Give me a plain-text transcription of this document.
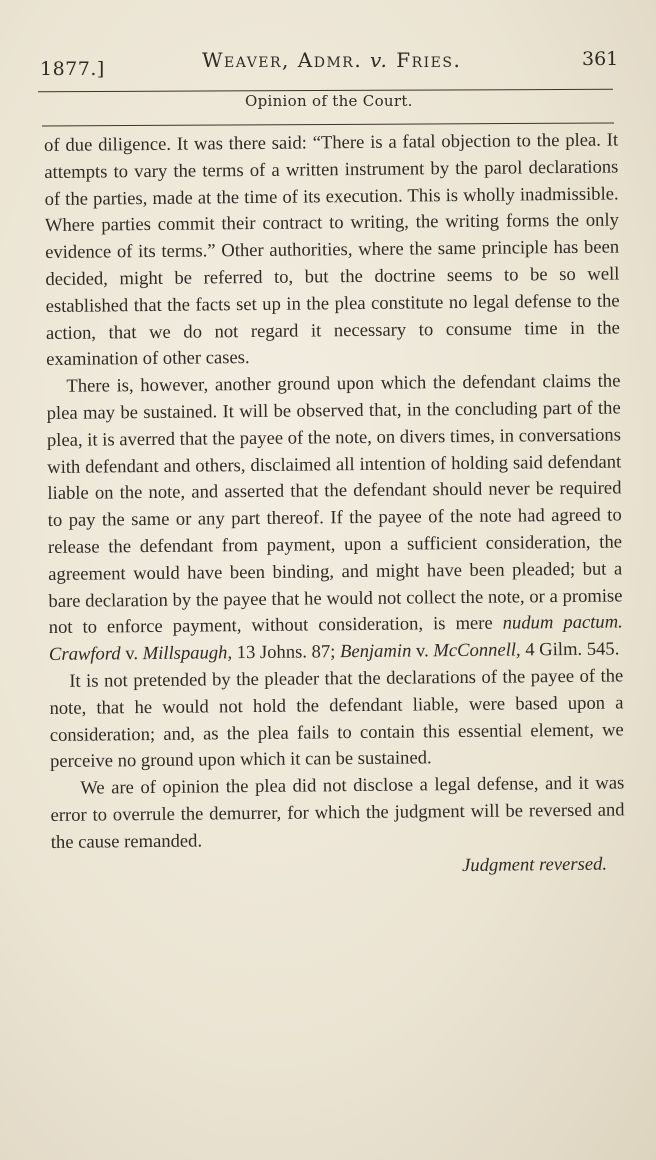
1877.]	Weaver, Admr. v. Fries.	361
Opinion of the Court.

of due diligence. It was there said: “There is a fatal objection to the plea. It attempts to vary the terms of a written instrument by the parol declarations of the parties, made at the time of its execution. This is wholly inadmissible. Where parties commit their contract to writing, the writing forms the only evidence of its terms.” Other authorities, where the same principle has been decided, might be referred to, but the doctrine seems to be so well established that the facts set up in the plea constitute no legal defense to the action, that we do not regard it necessary to consume time in the examination of other cases.

There is, however, another ground upon which the defendant claims the plea may be sustained. It will be observed that, in the concluding part of the plea, it is averred that the payee of the note, on divers times, in conversations with defendant and others, disclaimed all intention of holding said defendant liable on the note, and asserted that the defendant should never be required to pay the same or any part thereof. If the payee of the note had agreed to release the defendant from payment, upon a sufficient consideration, the agreement would have been binding, and might have been pleaded; but a bare declaration by the payee that he would not collect the note, or a promise not to enforce payment, without consideration, is mere nudum pactum. Crawford v. Millspaugh, 13 Johns. 87; Benjamin v. McConnell, 4 Gilm. 545.

It is not pretended by the pleader that the declarations of the payee of the note, that he would not hold the defendant liable, were based upon a consideration; and, as the plea fails to contain this essential element, we perceive no ground upon which it can be sustained.

We are of opinion the plea did not disclose a legal defense, and it was error to overrule the demurrer, for which the judgment will be reversed and the cause remanded.

Judgment reversed.
